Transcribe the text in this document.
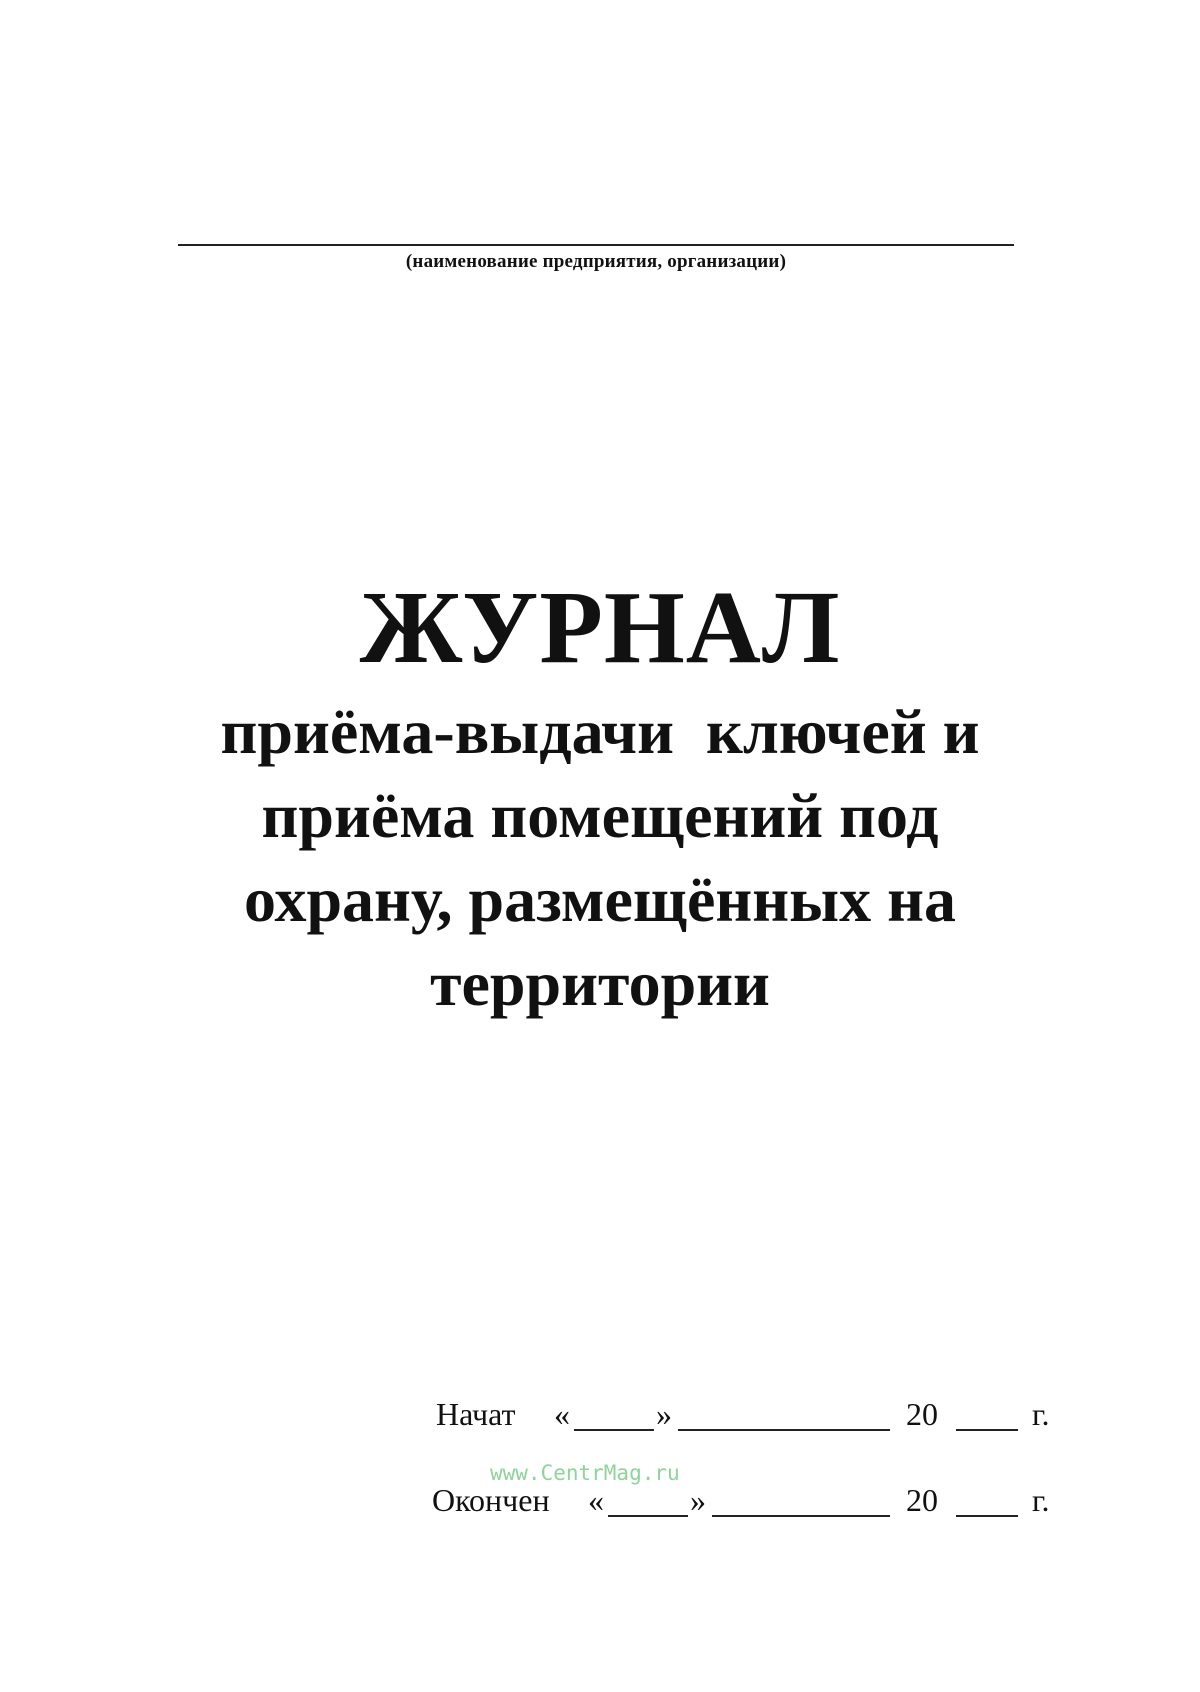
(наименование предприятия, организации)
ЖУРНАЛ
приёма-выдачи  ключей и
приёма помещений под
охрану, размещённых на
территории
Начат «	»	20	г.
Окончен «	»	20	г.
www.CentrMag.ru
